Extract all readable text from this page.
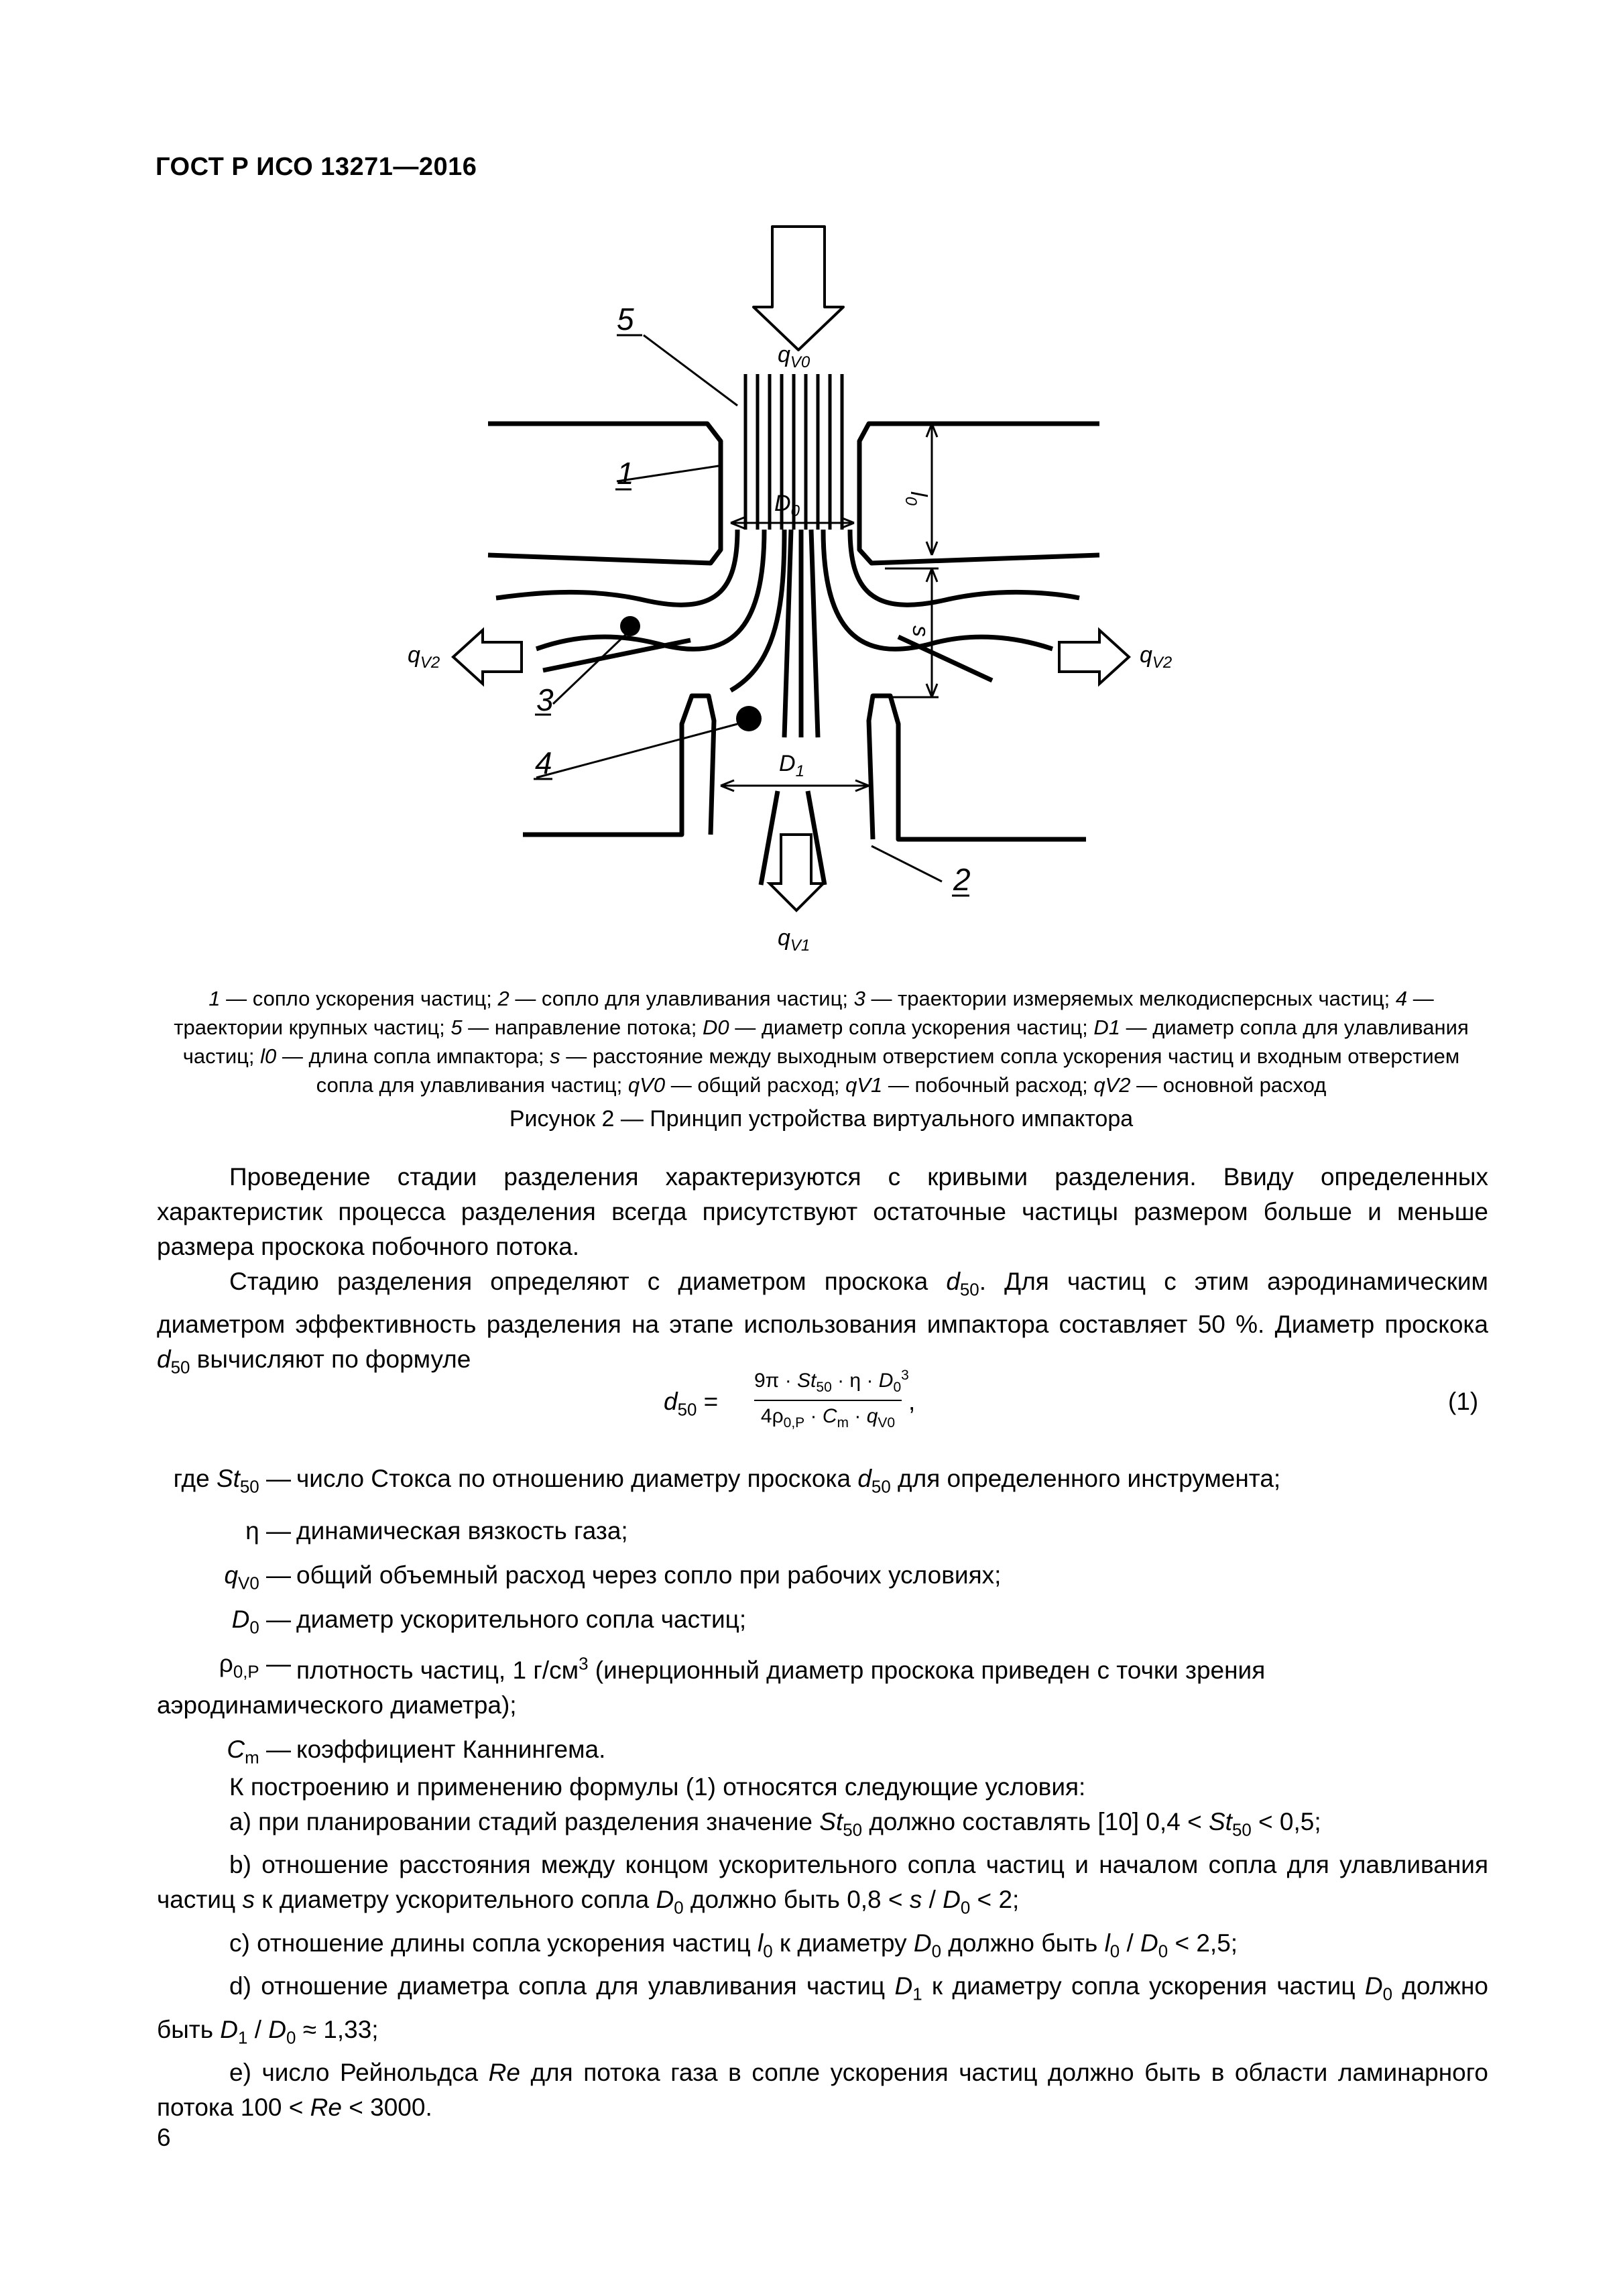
ГОСТ Р ИСО 13271—2016
5
1
3
4
2
$q_{V0}$
$q_{V1}$
$q_{V2}$	$q_{V2}$
$D_0$
$D_1$
$l_0$
s
1 — сопло ускорения частиц; 2 — сопло для улавливания частиц; 3 — траектории измеряемых мелкодисперсных частиц; 4 — траектории крупных частиц; 5 — направление потока; D0 — диаметр сопла ускорения частиц; D1 — диаметр сопла для улавливания частиц; l0 — длина сопла импактора; s — расстояние между выходным отверстием сопла ускорения частиц и входным отверстием сопла для улавливания частиц; qV0 — общий расход; qV1 — побочный расход; qV2 — основной расход
Рисунок 2 — Принцип устройства виртуального импактора

Проведение стадии разделения характеризуются с кривыми разделения. Ввиду определенных характеристик процесса разделения всегда присутствуют остаточные частицы размером больше и меньше размера проскока побочного потока.

Стадию разделения определяют с диаметром проскока $d_{50}$. Для частиц с этим аэродинамическим диаметром эффективность разделения на этапе использования импактора составляет 50 %. Диаметр проскока $d_{50}$ вычисляют по формуле

$d_{50} = \frac{9\pi \cdot St_{50} \cdot \eta \cdot D_0^3}{4\rho_{0,P} \cdot C_m \cdot q_{V0}}$ ,	(1)
где $St_{50}$ — число Стокса по отношению диаметру проскока $d_{50}$ для определенного инструмента;
η — динамическая вязкость газа;
$q_{V0}$ — общий объемный расход через сопло при рабочих условиях;
$D_0$ — диаметр ускорительного сопла частиц;
$\rho_{0,P}$ — плотность частиц, 1 $г/см^3$ (инерционный диаметр проскока приведен с точки зрения аэродинамического диаметра);
$C_m$ — коэффициент Каннингема.

К построению и применению формулы (1) относятся следующие условия:

а) при планировании стадий разделения значение $St_{50}$ должно составлять [10] $0,4 < St_{50} < 0,5$;

b) отношение расстояния между концом ускорительного сопла частиц и началом сопла для улавливания частиц s к диаметру ускорительного сопла $D_0$ должно быть $0,8 < s / D_0 < 2$;

с) отношение длины сопла ускорения частиц $l_0$ к диаметру $D_0$ должно быть $l_0 / D_0 < 2,5$;

d) отношение диаметра сопла для улавливания частиц $D_1$ к диаметру сопла ускорения частиц $D_0$ должно быть $D_1 / D_0 \approx 1,33$;

е) число Рейнольдса Re для потока газа в сопле ускорения частиц должно быть в области ламинарного потока 100 < Re < 3000.

6
